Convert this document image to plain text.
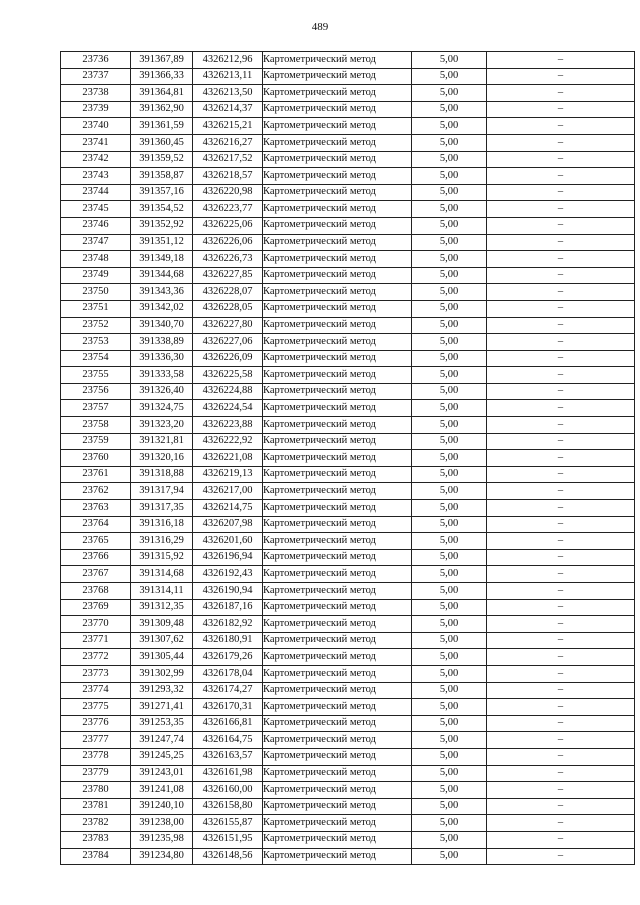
489
23736	391367,89	4326212,96	Картометрический метод	5,00	–
23737	391366,33	4326213,11	Картометрический метод	5,00	–
23738	391364,81	4326213,50	Картометрический метод	5,00	–
23739	391362,90	4326214,37	Картометрический метод	5,00	–
23740	391361,59	4326215,21	Картометрический метод	5,00	–
23741	391360,45	4326216,27	Картометрический метод	5,00	–
23742	391359,52	4326217,52	Картометрический метод	5,00	–
23743	391358,87	4326218,57	Картометрический метод	5,00	–
23744	391357,16	4326220,98	Картометрический метод	5,00	–
23745	391354,52	4326223,77	Картометрический метод	5,00	–
23746	391352,92	4326225,06	Картометрический метод	5,00	–
23747	391351,12	4326226,06	Картометрический метод	5,00	–
23748	391349,18	4326226,73	Картометрический метод	5,00	–
23749	391344,68	4326227,85	Картометрический метод	5,00	–
23750	391343,36	4326228,07	Картометрический метод	5,00	–
23751	391342,02	4326228,05	Картометрический метод	5,00	–
23752	391340,70	4326227,80	Картометрический метод	5,00	–
23753	391338,89	4326227,06	Картометрический метод	5,00	–
23754	391336,30	4326226,09	Картометрический метод	5,00	–
23755	391333,58	4326225,58	Картометрический метод	5,00	–
23756	391326,40	4326224,88	Картометрический метод	5,00	–
23757	391324,75	4326224,54	Картометрический метод	5,00	–
23758	391323,20	4326223,88	Картометрический метод	5,00	–
23759	391321,81	4326222,92	Картометрический метод	5,00	–
23760	391320,16	4326221,08	Картометрический метод	5,00	–
23761	391318,88	4326219,13	Картометрический метод	5,00	–
23762	391317,94	4326217,00	Картометрический метод	5,00	–
23763	391317,35	4326214,75	Картометрический метод	5,00	–
23764	391316,18	4326207,98	Картометрический метод	5,00	–
23765	391316,29	4326201,60	Картометрический метод	5,00	–
23766	391315,92	4326196,94	Картометрический метод	5,00	–
23767	391314,68	4326192,43	Картометрический метод	5,00	–
23768	391314,11	4326190,94	Картометрический метод	5,00	–
23769	391312,35	4326187,16	Картометрический метод	5,00	–
23770	391309,48	4326182,92	Картометрический метод	5,00	–
23771	391307,62	4326180,91	Картометрический метод	5,00	–
23772	391305,44	4326179,26	Картометрический метод	5,00	–
23773	391302,99	4326178,04	Картометрический метод	5,00	–
23774	391293,32	4326174,27	Картометрический метод	5,00	–
23775	391271,41	4326170,31	Картометрический метод	5,00	–
23776	391253,35	4326166,81	Картометрический метод	5,00	–
23777	391247,74	4326164,75	Картометрический метод	5,00	–
23778	391245,25	4326163,57	Картометрический метод	5,00	–
23779	391243,01	4326161,98	Картометрический метод	5,00	–
23780	391241,08	4326160,00	Картометрический метод	5,00	–
23781	391240,10	4326158,80	Картометрический метод	5,00	–
23782	391238,00	4326155,87	Картометрический метод	5,00	–
23783	391235,98	4326151,95	Картометрический метод	5,00	–
23784	391234,80	4326148,56	Картометрический метод	5,00	–
